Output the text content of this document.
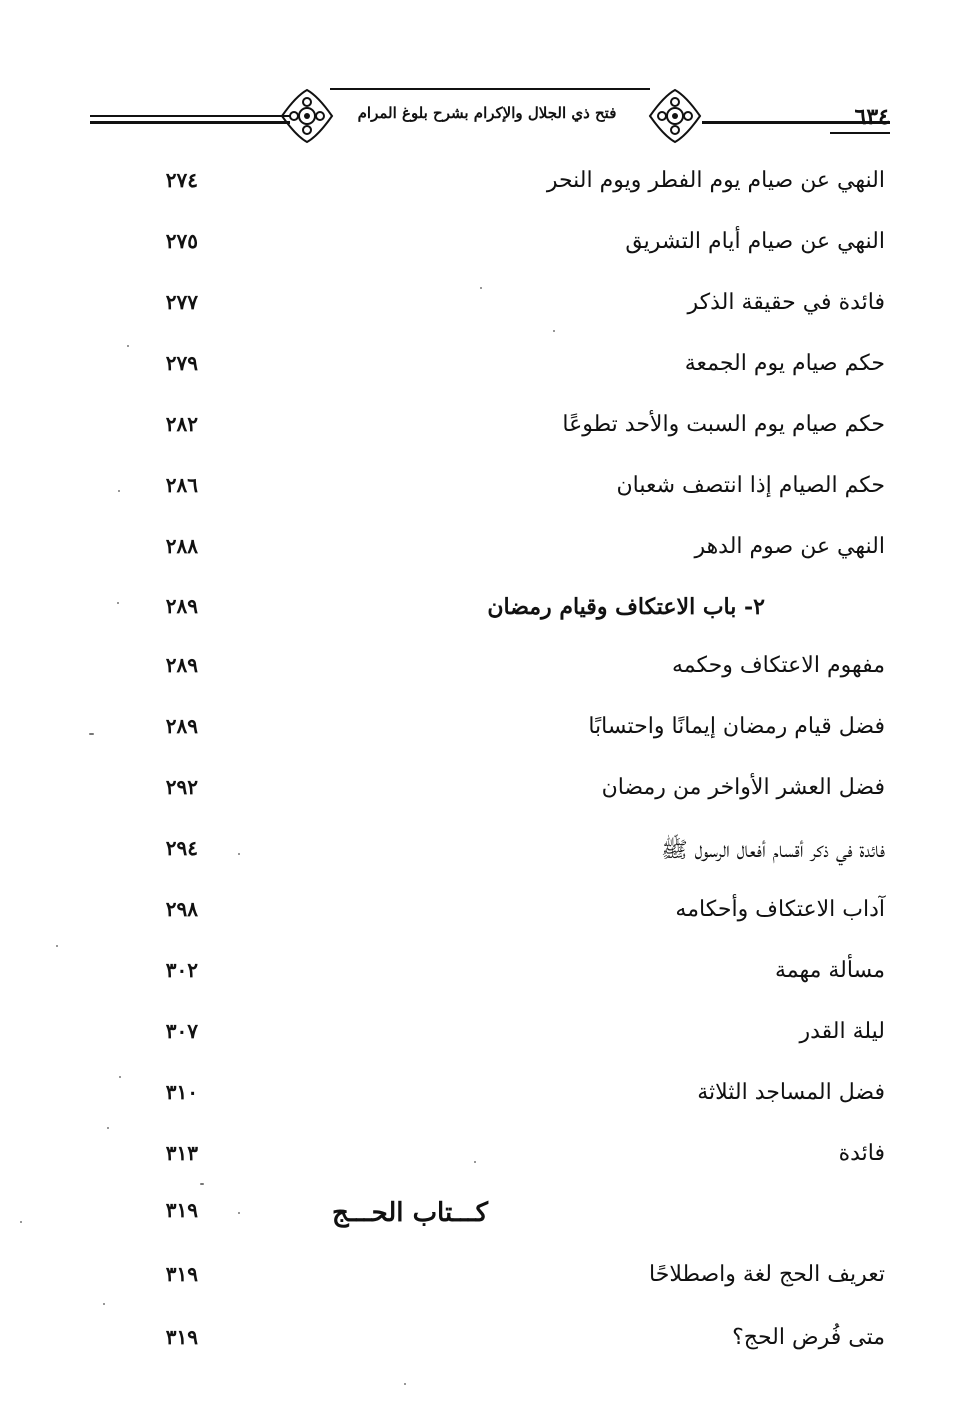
فتح ذي الجلال والإكرام بشرح بلوغ المرام	٦٣٤
النهي عن صيام يوم الفطر ويوم النحر
٢٧٤
النهي عن صيام أيام التشريق
٢٧٥
فائدة في حقيقة الذكر
٢٧٧
حكم صيام يوم الجمعة
٢٧٩
حكم صيام يوم السبت والأحد تطوعًا
٢٨٢
حكم الصيام إذا انتصف شعبان
٢٨٦
النهي عن صوم الدهر
٢٨٨
٢- باب الاعتكاف وقيام رمضان
٢٨٩
مفهوم الاعتكاف وحكمه
٢٨٩
فضل قيام رمضان إيمانًا واحتسابًا
٢٨٩
فضل العشر الأواخر من رمضان
٢٩٢
فائدة في ذكر أقسام أفعال الرسول ﷺ
٢٩٤
آداب الاعتكاف وأحكامه
٢٩٨
مسألة مهمة
٣٠٢
ليلة القدر
٣٠٧
فضل المساجد الثلاثة
٣١٠
فائدة
٣١٣
كـــتاب الحـــج
٣١٩
تعريف الحج لغة واصطلاحًا
٣١٩
متى فُرض الحج؟
٣١٩
